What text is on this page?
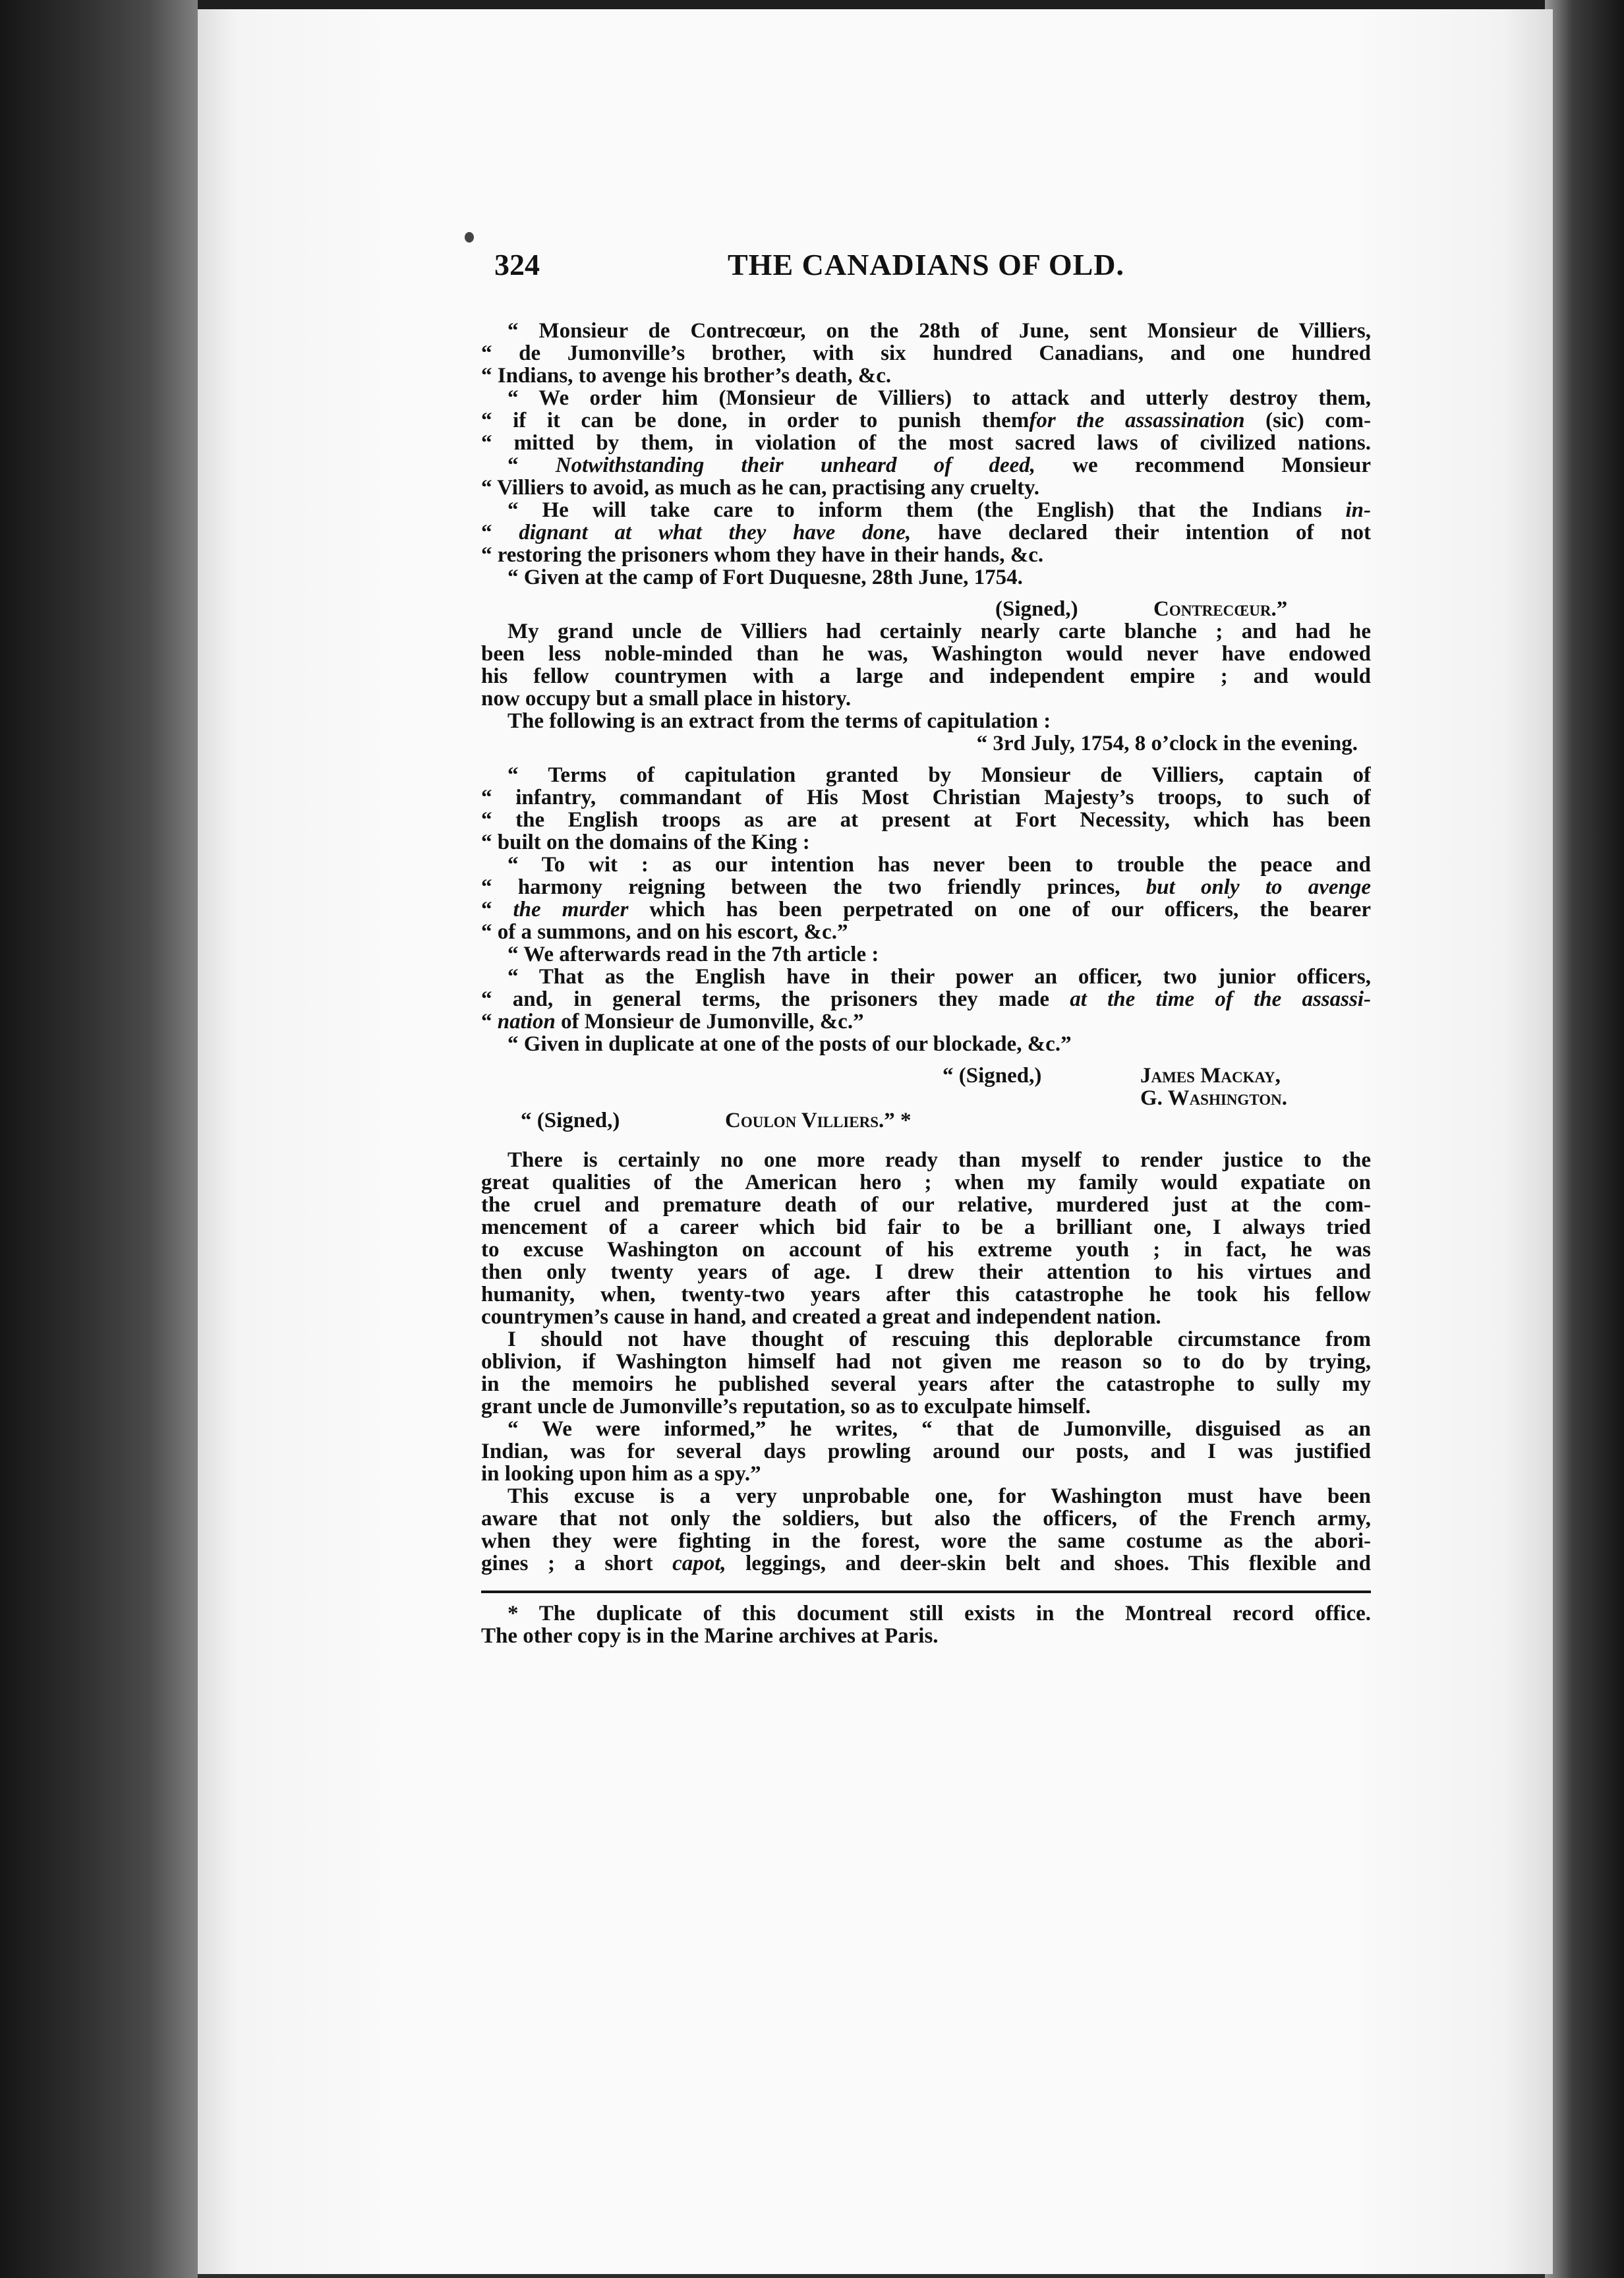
324	THE CANADIANS OF OLD.
“ Monsieur de Contrecœur, on the 28th of June, sent Monsieur de Villiers,
“ de Jumonville’s brother, with six hundred Canadians, and one hundred
“ Indians, to avenge his brother’s death, &c.
“ We order him (Monsieur de Villiers) to attack and utterly destroy them,
“ if it can be done, in order to punish themfor the assassination (sic) com-
“ mitted by them, in violation of the most sacred laws of civilized nations.
“ Notwithstanding their unheard of deed, we recommend Monsieur
“ Villiers to avoid, as much as he can, practising any cruelty.
“ He will take care to inform them (the English) that the Indians in-
“ dignant at what they have done, have declared their intention of not
“ restoring the prisoners whom they have in their hands, &c.
“ Given at the camp of Fort Duquesne, 28th June, 1754.
(Signed,)	Contrecœur.”
My grand uncle de Villiers had certainly nearly carte blanche ; and had he
been less noble-minded than he was, Washington would never have endowed
his fellow countrymen with a large and independent empire ; and would
now occupy but a small place in history.
The following is an extract from the terms of capitulation :
“ 3rd July, 1754, 8 o’clock in the evening.
“ Terms of capitulation granted by Monsieur de Villiers, captain of
“ infantry, commandant of His Most Christian Majesty’s troops, to such of
“ the English troops as are at present at Fort Necessity, which has been
“ built on the domains of the King :
“ To wit : as our intention has never been to trouble the peace and
“ harmony reigning between the two friendly princes, but only to avenge
“ the murder which has been perpetrated on one of our officers, the bearer
“ of a summons, and on his escort, &c.”
“ We afterwards read in the 7th article :
“ That as the English have in their power an officer, two junior officers,
“ and, in general terms, the prisoners they made at the time of the assassi-
“ nation of Monsieur de Jumonville, &c.”
“ Given in duplicate at one of the posts of our blockade, &c.”
“ (Signed,)	James Mackay,
G. Washington.
“ (Signed,)	Coulon Villiers.” *
There is certainly no one more ready than myself to render justice to the
great qualities of the American hero ; when my family would expatiate on
the cruel and premature death of our relative, murdered just at the com-
mencement of a career which bid fair to be a brilliant one, I always tried
to excuse Washington on account of his extreme youth ; in fact, he was
then only twenty years of age. I drew their attention to his virtues and
humanity, when, twenty-two years after this catastrophe he took his fellow
countrymen’s cause in hand, and created a great and independent nation.
I should not have thought of rescuing this deplorable circumstance from
oblivion, if Washington himself had not given me reason so to do by trying,
in the memoirs he published several years after the catastrophe to sully my
grant uncle de Jumonville’s reputation, so as to exculpate himself.
“ We were informed,” he writes, “ that de Jumonville, disguised as an
Indian, was for several days prowling around our posts, and I was justified
in looking upon him as a spy.”
This excuse is a very unprobable one, for Washington must have been
aware that not only the soldiers, but also the officers, of the French army,
when they were fighting in the forest, wore the same costume as the abori-
gines ; a short capot, leggings, and deer-skin belt and shoes. This flexible and
* The duplicate of this document still exists in the Montreal record office.
The other copy is in the Marine archives at Paris.
